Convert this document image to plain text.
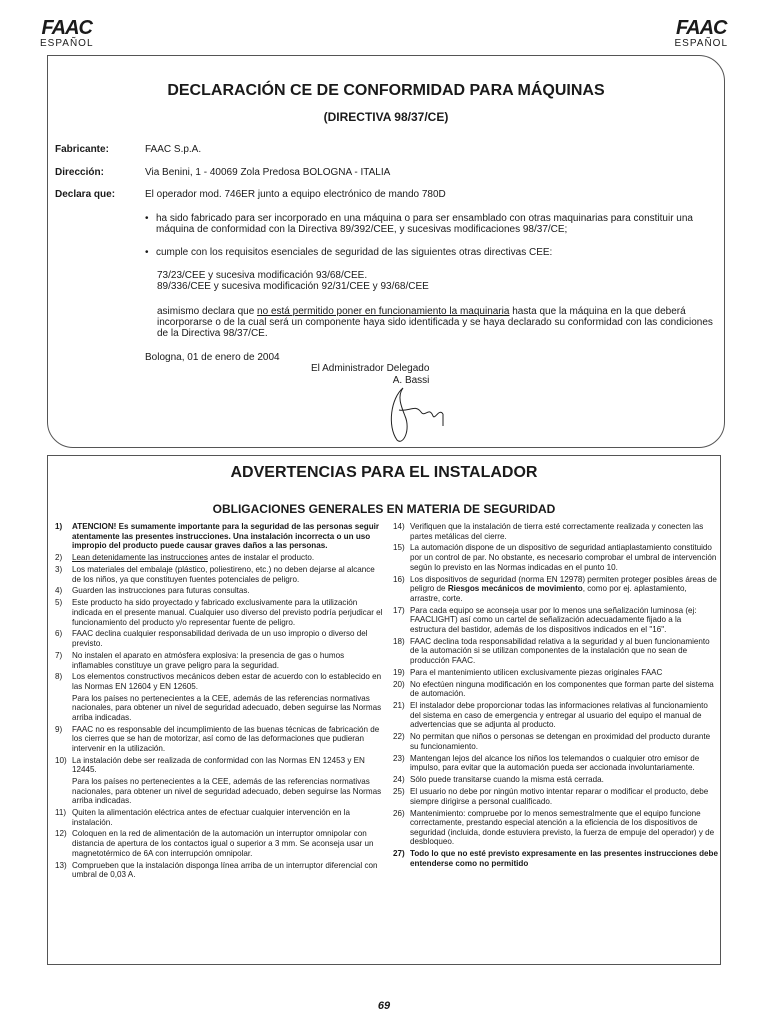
FAAC
ESPAÑOL
FAAC
ESPAÑOL
DECLARACIÓN CE DE CONFORMIDAD PARA MÁQUINAS
(DIRECTIVA 98/37/CE)
Fabricante:	FAAC S.p.A.
Dirección:	Via Benini, 1 - 40069 Zola Predosa BOLOGNA - ITALIA
Declara que:	El operador mod. 746ER junto a equipo electrónico de mando 780D
• ha sido fabricado para ser incorporado en una máquina o para ser ensamblado con otras maquinarias para constituir una máquina de conformidad con la Directiva 89/392/CEE, y sucesivas modificaciones 98/37/CE;
• cumple con los requisitos esenciales de seguridad de las siguientes otras directivas CEE:
73/23/CEE y sucesiva modificación 93/68/CEE.
89/336/CEE y sucesiva modificación 92/31/CEE y 93/68/CEE
asimismo declara que no está permitido poner en funcionamiento la maquinaria hasta que la máquina en la que deberá incorporarse o de la cual será un componente haya sido identificada y se haya declarado su conformidad con las condiciones de la Directiva 98/37/CE.
Bologna, 01 de enero de 2004
El Administrador Delegado
A. Bassi
ADVERTENCIAS PARA EL INSTALADOR
OBLIGACIONES GENERALES EN MATERIA DE SEGURIDAD
1) ATENCION! Es sumamente importante para la seguridad de las personas seguir atentamente las presentes instrucciones. Una instalación incorrecta o un uso impropio del producto puede causar graves daños a las personas.
2) Lean detenidamente las instrucciones antes de instalar el producto.
3) Los materiales del embalaje (plástico, poliestireno, etc.) no deben dejarse al alcance de los niños, ya que constituyen fuentes potenciales de peligro.
4) Guarden las instrucciones para futuras consultas.
5) Este producto ha sido proyectado y fabricado exclusivamente para la utilización indicada en el presente manual. Cualquier uso diverso del previsto podría perjudicar el funcionamiento del producto y/o representar fuente de peligro.
6) FAAC declina cualquier responsabilidad derivada de un uso impropio o diverso del previsto.
7) No instalen el aparato en atmósfera explosiva: la presencia de gas o humos inflamables constituye un grave peligro para la seguridad.
8) Los elementos constructivos mecánicos deben estar de acuerdo con lo establecido en las Normas EN 12604 y EN 12605.
Para los países no pertenecientes a la CEE, además de las referencias normativas nacionales, para obtener un nivel de seguridad adecuado, deben seguirse las Normas arriba indicadas.
9) FAAC no es responsable del incumplimiento de las buenas técnicas de fabricación de los cierres que se han de motorizar, así como de las deformaciones que pudieran intervenir en la utilización.
10) La instalación debe ser realizada de conformidad con las Normas EN 12453 y EN 12445.
Para los países no pertenecientes a la CEE, además de las referencias normativas nacionales, para obtener un nivel de seguridad adecuado, deben seguirse las Normas arriba indicadas.
11) Quiten la alimentación eléctrica antes de efectuar cualquier intervención en la instalación.
12) Coloquen en la red de alimentación de la automación un interruptor omnipolar con distancia de apertura de los contactos igual o superior a 3 mm. Se aconseja usar un magnetotérmico de 6A con interrupción omnipolar.
13) Comprueben que la instalación disponga línea arriba de un interruptor diferencial con umbral de 0,03 A.
14) Verifiquen que la instalación de tierra esté correctamente realizada y conecten las partes metálicas del cierre.
15) La automación dispone de un dispositivo de seguridad antiaplastamiento constituido por un control de par. No obstante, es necesario comprobar el umbral de intervención según lo previsto en las Normas indicadas en el punto 10.
16) Los dispositivos de seguridad (norma EN 12978) permiten proteger posibles áreas de peligro de Riesgos mecánicos de movimiento, como por ej. aplastamiento, arrastre, corte.
17) Para cada equipo se aconseja usar por lo menos una señalización luminosa (ej: FAACLIGHT) así como un cartel de señalización adecuadamente fijado a la estructura del bastidor, además de los dispositivos indicados en el "16".
18) FAAC declina toda responsabilidad relativa a la seguridad y al buen funcionamiento de la automación si se utilizan componentes de la instalación que no sean de producción FAAC.
19) Para el mantenimiento utilicen exclusivamente piezas originales FAAC
20) No efectúen ninguna modificación en los componentes que forman parte del sistema de automación.
21) El instalador debe proporcionar todas las informaciones relativas al funcionamiento del sistema en caso de emergencia y entregar al usuario del equipo el manual de advertencias que se adjunta al producto.
22) No permitan que niños o personas se detengan en proximidad del producto durante su funcionamiento.
23) Mantengan lejos del alcance los niños los telemandos o cualquier otro emisor de impulso, para evitar que la automación pueda ser accionada involuntariamente.
24) Sólo puede transitarse cuando la misma está cerrada.
25) El usuario no debe por ningún motivo intentar reparar o modificar el producto, debe siempre dirigirse a personal cualificado.
26) Mantenimiento: compruebe por lo menos semestralmente que el equipo funcione correctamente, prestando especial atención a la eficiencia de los dispositivos de seguridad (incluida, donde estuviera previsto, la fuerza de empuje del operador) y de desbloqueo.
27) Todo lo que no esté previsto expresamente en las presentes instrucciones debe entenderse como no permitido
69
